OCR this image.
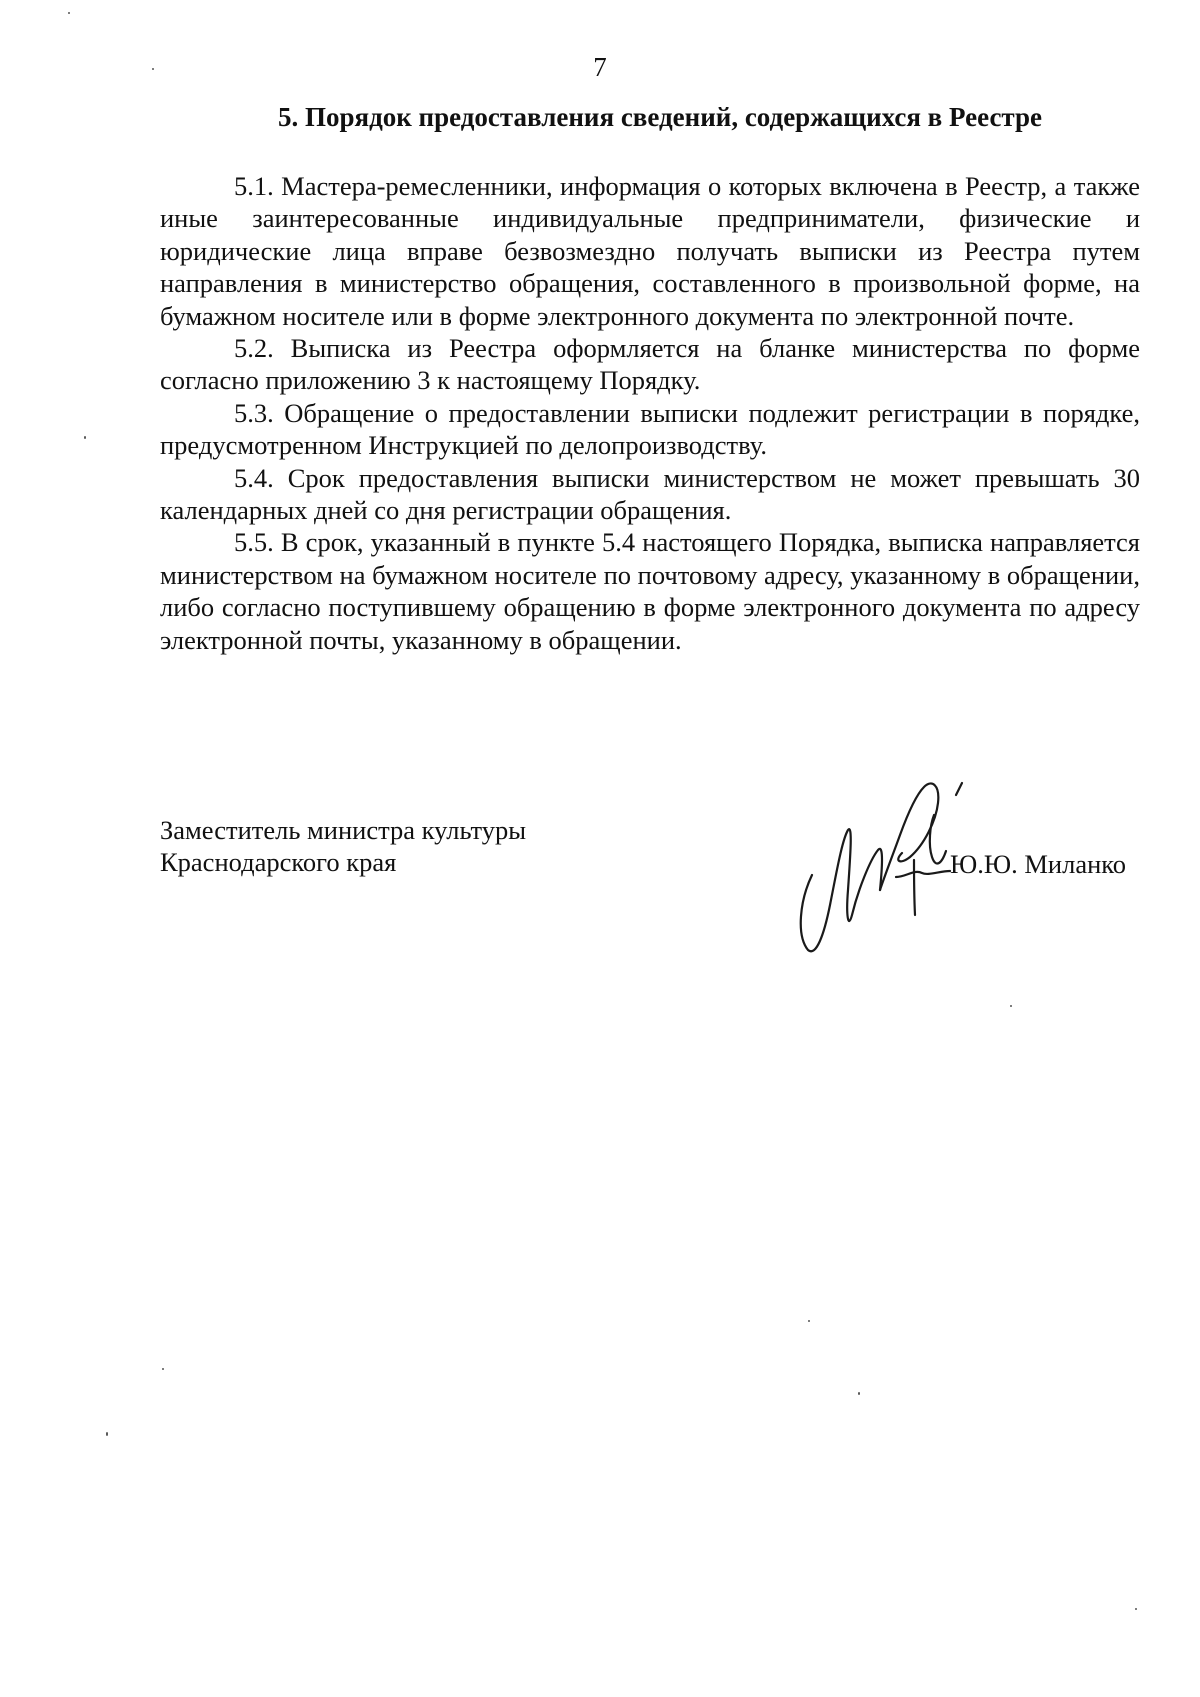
7
5. Порядок предоставления сведений, содержащихся в Реестре

5.1. Мастера-ремесленники, информация о которых включена в Реестр, а также иные заинтересованные индивидуальные предприниматели, физические и юридические лица вправе безвозмездно получать выписки из Реестра путем направления в министерство обращения, составленного в произвольной форме, на бумажном носителе или в форме электронного документа по электронной почте.

5.2. Выписка из Реестра оформляется на бланке министерства по форме согласно приложению 3 к настоящему Порядку.

5.3. Обращение о предоставлении выписки подлежит регистрации в порядке, предусмотренном Инструкцией по делопроизводству.

5.4. Срок предоставления выписки министерством не может превышать 30 календарных дней со дня регистрации обращения.

5.5. В срок, указанный в пункте 5.4 настоящего Порядка, выписка направляется министерством на бумажном носителе по почтовому адресу, указанному в обращении, либо согласно поступившему обращению в форме электронного документа по адресу электронной почты, указанному в обращении.

Заместитель министра культуры
Краснодарского края	Ю.Ю. Миланко
